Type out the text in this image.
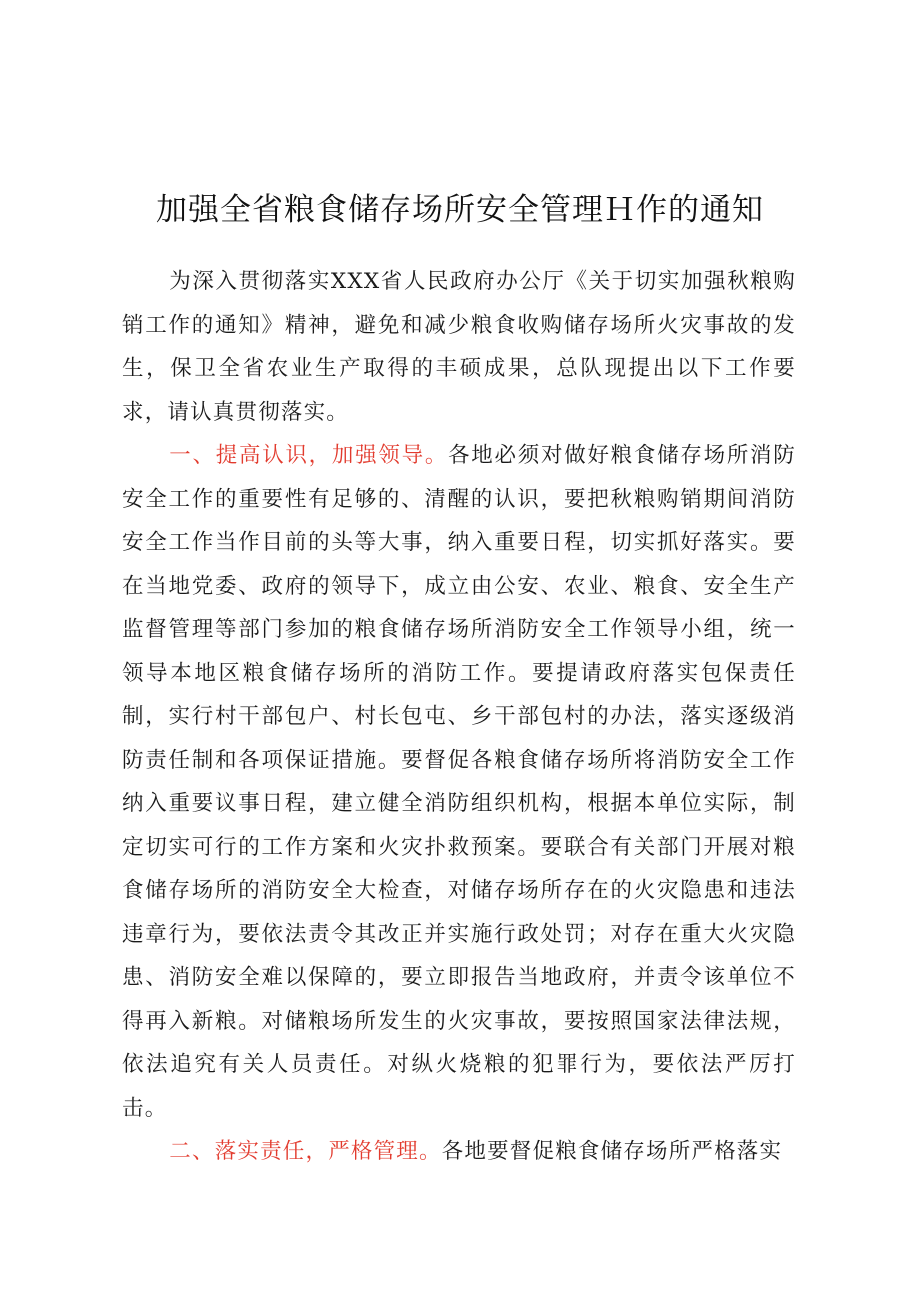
加强全省粮食储存场所安全管理Ｈ作的通知

为深入贯彻落实XXX省人民政府办公厅《关于切实加强秋粮购销工作的通知》精神，避免和减少粮食收购储存场所火灾事故的发生，保卫全省农业生产取得的丰硕成果，总队现提出以下工作要求，请认真贯彻落实。

一、提高认识，加强领导。各地必须对做好粮食储存场所消防安全工作的重要性有足够的、清醒的认识，要把秋粮购销期间消防安全工作当作目前的头等大事，纳入重要日程，切实抓好落实。要在当地党委、政府的领导下，成立由公安、农业、粮食、安全生产监督管理等部门参加的粮食储存场所消防安全工作领导小组，统一领导本地区粮食储存场所的消防工作。要提请政府落实包保责任制，实行村干部包户、村长包屯、乡干部包村的办法，落实逐级消防责任制和各项保证措施。要督促各粮食储存场所将消防安全工作纳入重要议事日程，建立健全消防组织机构，根据本单位实际，制定切实可行的工作方案和火灾扑救预案。要联合有关部门开展对粮食储存场所的消防安全大检查，对储存场所存在的火灾隐患和违法违章行为，要依法责令其改正并实施行政处罚；对存在重大火灾隐患、消防安全难以保障的，要立即报告当地政府，并责令该单位不得再入新粮。对储粮场所发生的火灾事故，要按照国家法律法规，依法追究有关人员责任。对纵火烧粮的犯罪行为，要依法严厉打击。

二、落实责任，严格管理。各地要督促粮食储存场所严格落实
